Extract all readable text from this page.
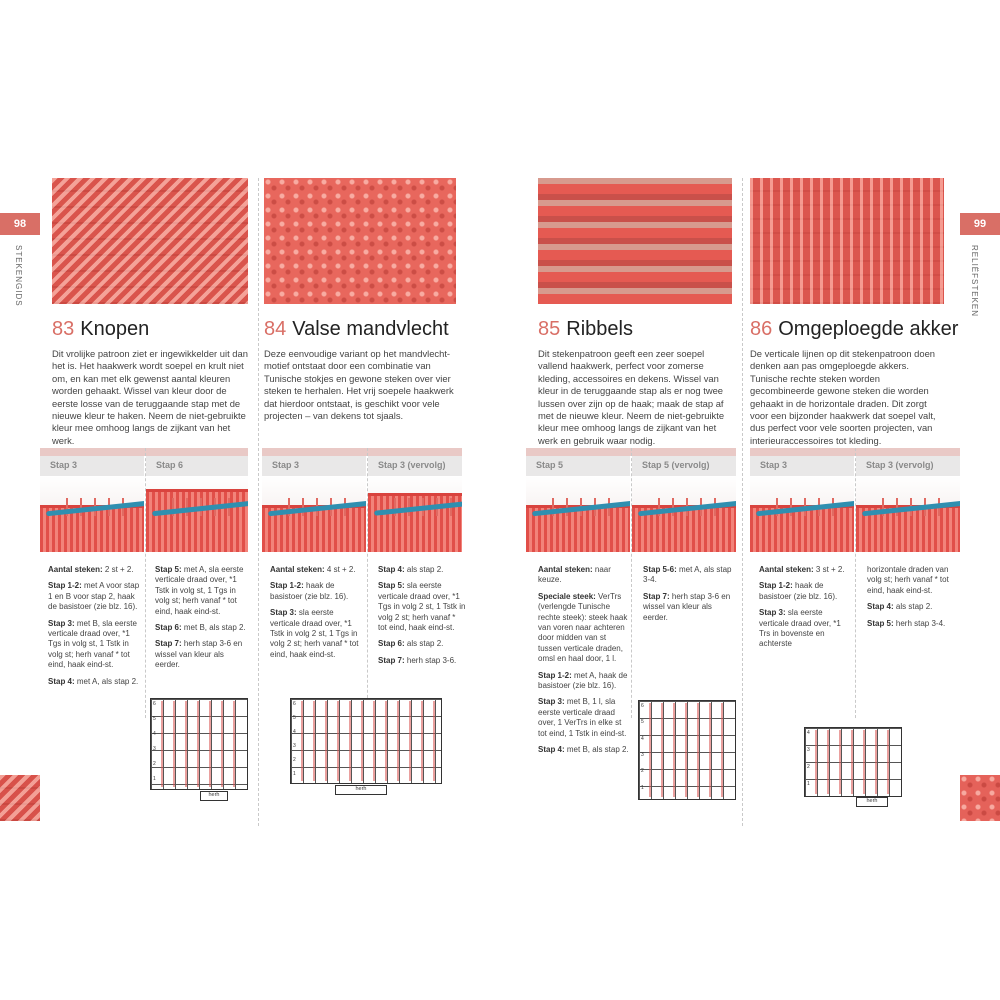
98
STEKENGIDS
99
RELIËFSTEKEN
83 Knopen	84 Valse mandvlecht	85 Ribbels	86 Omgeploegde akker
Dit vrolijke patroon ziet er ingewikkelder uit dan het is. Het haakwerk wordt soepel en krult niet om, en kan met elk gewenst aantal kleuren worden gehaakt. Wissel van kleur door de eerste losse van de teruggaande stap met de nieuwe kleur te haken. Neem de niet-gebruikte kleur mee omhoog langs de zijkant van het werk.
Deze eenvoudige variant op het mandvlecht-motief ontstaat door een combinatie van Tunische stokjes en gewone steken over vier steken te herhalen. Het vrij soepele haakwerk dat hierdoor ontstaat, is geschikt voor vele projecten – van dekens tot sjaals.
Dit stekenpatroon geeft een zeer soepel vallend haakwerk, perfect voor zomerse kleding, accessoires en dekens. Wissel van kleur in de teruggaande stap als er nog twee lussen over zijn op de haak; maak de stap af met de nieuwe kleur. Neem de niet-gebruikte kleur mee omhoog langs de zijkant van het werk en gebruik waar nodig.
De verticale lijnen op dit stekenpatroon doen denken aan pas omgeploegde akkers. Tunische rechte steken worden gecombineerde gewone steken die worden gehaakt in de horizontale draden. Dit zorgt voor een bijzonder haakwerk dat soepel valt, dus perfect voor vele soorten projecten, van interieuraccessoires tot kleding.
Stap 3	Stap 6	Stap 3	Stap 3 (vervolg)	Stap 5	Stap 5 (vervolg)	Stap 3	Stap 3 (vervolg)

Aantal steken: 2 st + 2.

Stap 1-2: met A voor stap 1 en B voor stap 2, haak de basistoer (zie blz. 16).

Stap 3: met B, sla eerste verticale draad over, *1 Tgs in volg st, 1 Tstk in volg st; herh vanaf * tot eind, haak eind-st.

Stap 4: met A, als stap 2.

Stap 5: met A, sla eerste verticale draad over, *1 Tstk in volg st, 1 Tgs in volg st; herh vanaf * tot eind, haak eind-st.

Stap 6: met B, als stap 2.

Stap 7: herh stap 3-6 en wissel van kleur als eerder.

Aantal steken: 4 st + 2.

Stap 1-2: haak de basistoer (zie blz. 16).

Stap 3: sla eerste verticale draad over, *1 Tstk in volg 2 st, 1 Tgs in volg 2 st; herh vanaf * tot eind, haak eind-st.

Stap 4: als stap 2.

Stap 5: sla eerste verticale draad over, *1 Tgs in volg 2 st, 1 Tstk in volg 2 st; herh vanaf * tot eind, haak eind-st.

Stap 6: als stap 2.

Stap 7: herh stap 3-6.

Aantal steken: naar keuze.

Speciale steek: VerTrs (verlengde Tunische rechte steek): steek haak van voren naar achteren door midden van st tussen verticale draden, omsl en haal door, 1 l.

Stap 1-2: met A, haak de basistoer (zie blz. 16).

Stap 3: met B, 1 l, sla eerste verticale draad over, 1 VerTrs in elke st tot eind, 1 Tstk in eind-st.

Stap 4: met B, als stap 2.

Stap 5-6: met A, als stap 3-4.

Stap 7: herh stap 3-6 en wissel van kleur als eerder.

Aantal steken: 3 st + 2.

Stap 1-2: haak de basistoer (zie blz. 16).

Stap 3: sla eerste verticale draad over, *1 Trs in bovenste en achterste

horizontale draden van volg st; herh vanaf * tot eind, haak eind-st.

Stap 4: als stap 2.

Stap 5: herh stap 3-4.

6
5
4
3
2
1
herh
6
5
4
3
2
1
herh
6
5
4
3
2
1
4
3
2
1
herh
